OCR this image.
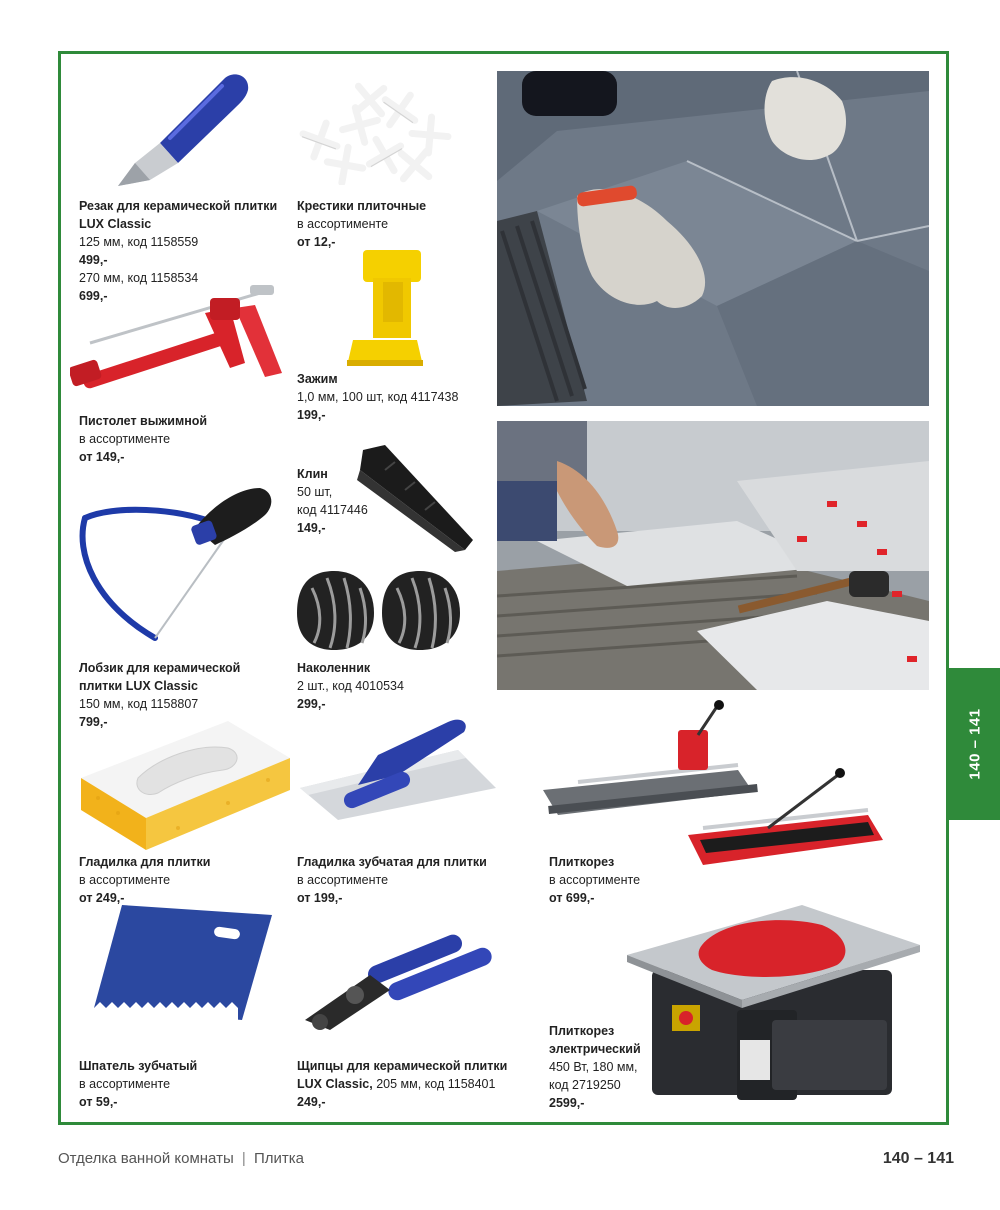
140 – 141
Резак для керамической плитки LUX Classic
125 мм, код 1158559
499,-
270 мм, код 1158534
699,-
Крестики плиточные
в ассортименте
от 12,-
Пистолет выжимной
в ассортименте
от 149,-
Зажим
1,0 мм, 100 шт, код 4117438
199,-
Клин
50 шт,
код 4117446
149,-
Лобзик для керамической плитки LUX Classic
150 мм, код 1158807
799,-
Наколенник
2 шт., код 4010534
299,-
Гладилка для плитки
в ассортименте
от 249,-
Гладилка зубчатая для плитки
в ассортименте
от 199,-
Плиткорез
в ассортименте
от 699,-
Шпатель зубчатый
в ассортименте
от 59,-
Щипцы для керамической плитки
LUX Classic, 205 мм, код 1158401
249,-
Плиткорез
электрический
450 Вт, 180 мм,
код 2719250
2599,-
Отделка ванной комнаты | Плитка	140 – 141
